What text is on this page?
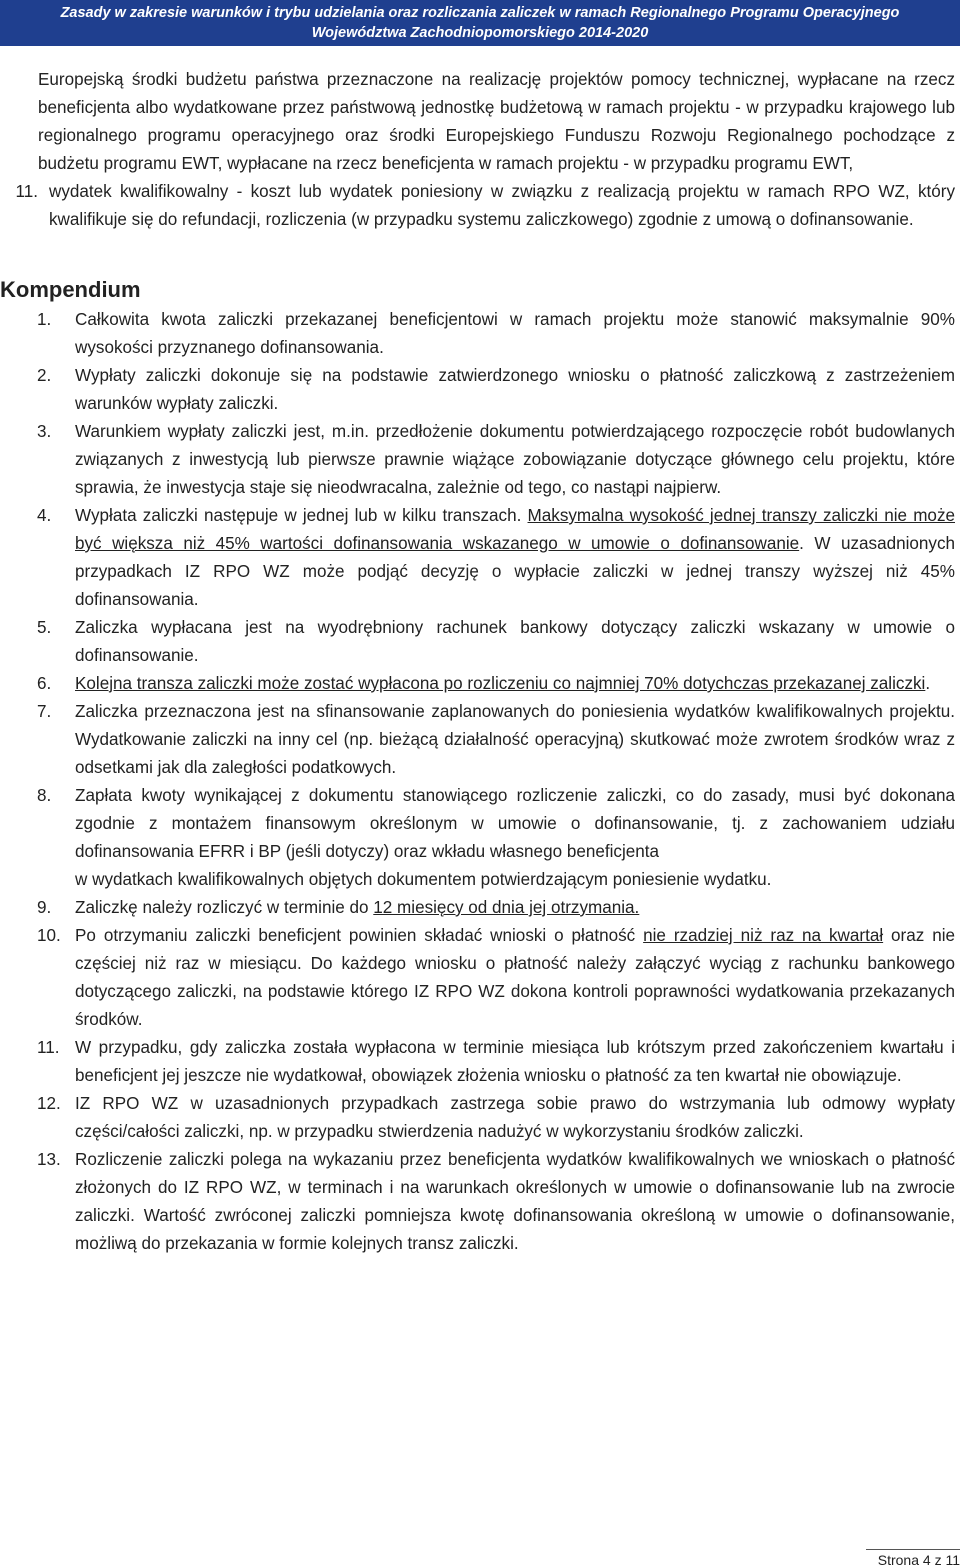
Zasady w zakresie warunków i trybu udzielania oraz rozliczania zaliczek w ramach Regionalnego Programu Operacyjnego
Województwa Zachodniopomorskiego 2014-2020
Europejską środki budżetu państwa przeznaczone na realizację projektów pomocy technicznej, wypłacane na rzecz beneficjenta albo wydatkowane przez państwową jednostkę budżetową w ramach projektu - w przypadku krajowego lub regionalnego programu operacyjnego oraz środki Europejskiego Funduszu Rozwoju Regionalnego pochodzące z budżetu programu EWT, wypłacane na rzecz beneficjenta w ramach projektu - w przypadku programu EWT,
11. wydatek kwalifikowalny - koszt lub wydatek poniesiony w związku z realizacją projektu w ramach RPO WZ, który kwalifikuje się do refundacji, rozliczenia (w przypadku systemu zaliczkowego) zgodnie z umową o dofinansowanie.
Kompendium
1.	Całkowita kwota zaliczki przekazanej beneficjentowi w ramach projektu może stanowić maksymalnie 90% wysokości przyznanego dofinansowania.
2.	Wypłaty zaliczki dokonuje się na podstawie zatwierdzonego wniosku o płatność zaliczkową z zastrzeżeniem warunków wypłaty zaliczki.
3.	Warunkiem wypłaty zaliczki jest, m.in. przedłożenie dokumentu potwierdzającego rozpoczęcie robót budowlanych związanych z inwestycją lub pierwsze prawnie wiążące zobowiązanie dotyczące głównego celu projektu, które sprawia, że inwestycja staje się nieodwracalna, zależnie od tego, co nastąpi najpierw.
4.	Wypłata zaliczki następuje w jednej lub w kilku transzach. Maksymalna wysokość jednej transzy zaliczki nie może być większa niż 45% wartości dofinansowania wskazanego w umowie o dofinansowanie. W uzasadnionych przypadkach IZ RPO WZ może podjąć decyzję o wypłacie zaliczki w jednej transzy wyższej niż 45% dofinansowania.
5.	Zaliczka wypłacana jest na wyodrębniony rachunek bankowy dotyczący zaliczki wskazany w umowie o dofinansowanie.
6.	Kolejna transza zaliczki może zostać wypłacona po rozliczeniu co najmniej 70% dotychczas przekazanej zaliczki.
7.	Zaliczka przeznaczona jest na sfinansowanie zaplanowanych do poniesienia wydatków kwalifikowalnych projektu. Wydatkowanie zaliczki na inny cel (np. bieżącą działalność operacyjną) skutkować może zwrotem środków wraz z odsetkami jak dla zaległości podatkowych.
8.	Zapłata kwoty wynikającej z dokumentu stanowiącego rozliczenie zaliczki, co do zasady, musi być dokonana zgodnie z montażem finansowym określonym w umowie o dofinansowanie, tj. z zachowaniem udziału dofinansowania EFRR i BP (jeśli dotyczy) oraz wkładu własnego beneficjenta
w wydatkach kwalifikowalnych objętych dokumentem potwierdzającym poniesienie wydatku.
9.	Zaliczkę należy rozliczyć w terminie do 12 miesięcy od dnia jej otrzymania.
10. Po otrzymaniu zaliczki beneficjent powinien składać wnioski o płatność nie rzadziej niż raz na kwartał oraz nie częściej niż raz w miesiącu. Do każdego wniosku o płatność należy załączyć wyciąg z rachunku bankowego dotyczącego zaliczki, na podstawie którego IZ RPO WZ dokona kontroli poprawności wydatkowania przekazanych środków.
11. W przypadku, gdy zaliczka została wypłacona w terminie miesiąca lub krótszym przed zakończeniem kwartału i beneficjent jej jeszcze nie wydatkował, obowiązek złożenia wniosku o płatność za ten kwartał nie obowiązuje.
12. IZ RPO WZ w uzasadnionych przypadkach zastrzega sobie prawo do wstrzymania lub odmowy wypłaty części/całości zaliczki, np. w przypadku stwierdzenia nadużyć w wykorzystaniu środków zaliczki.
13. Rozliczenie zaliczki polega na wykazaniu przez beneficjenta wydatków kwalifikowalnych we wnioskach o płatność złożonych do IZ RPO WZ, w terminach i na warunkach określonych w umowie o dofinansowanie lub na zwrocie zaliczki. Wartość zwróconej zaliczki pomniejsza kwotę dofinansowania określoną w umowie o dofinansowanie, możliwą do przekazania w formie kolejnych transz zaliczki.
Strona 4 z 11
